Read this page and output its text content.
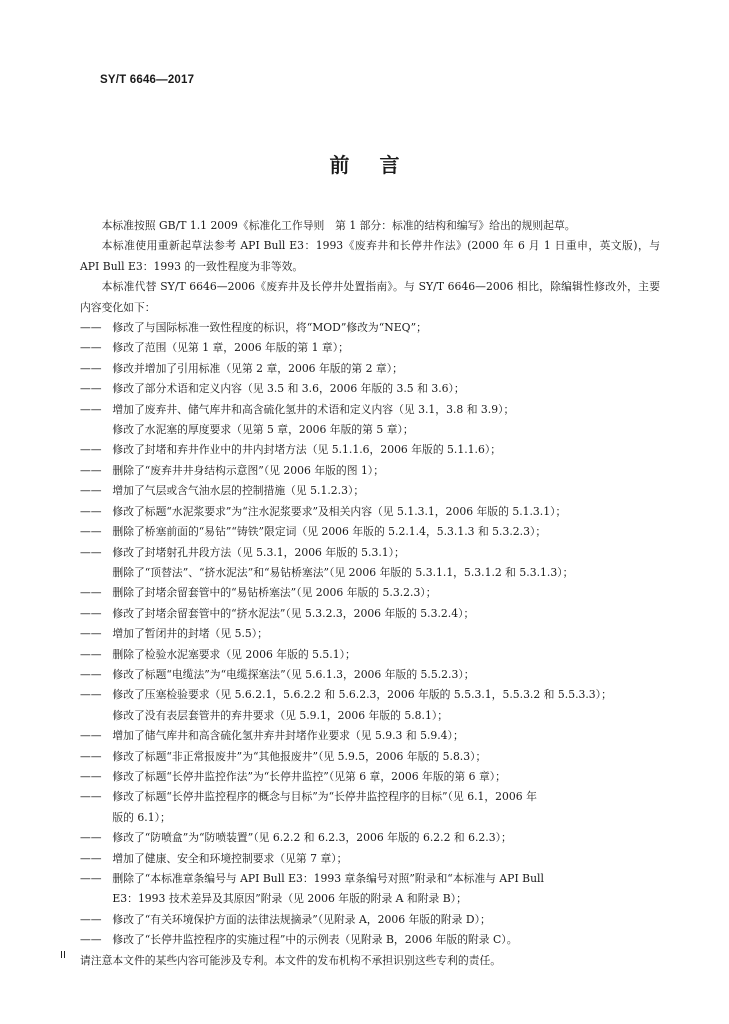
SY/T 6646—2017
前言
本标准按照 GB/T 1.1 2009《标准化工作导则　第 1 部分：标准的结构和编写》给出的规则起草。
本标准使用重新起草法参考 API Bull E3：1993《废弃井和长停井作法》(2000 年 6 月 1 日重申，英文版)，与 API Bull E3：1993 的一致性程度为非等效。
本标准代替 SY/T 6646—2006《废弃井及长停井处置指南》。与 SY/T 6646—2006 相比，除编辑性修改外，主要内容变化如下：
—— 修改了与国际标准一致性程度的标识，将“MOD”修改为“NEQ”；
—— 修改了范围（见第 1 章，2006 年版的第 1 章）；
—— 修改并增加了引用标准（见第 2 章，2006 年版的第 2 章）；
—— 修改了部分术语和定义内容（见 3.5 和 3.6，2006 年版的 3.5 和 3.6）；
—— 增加了废弃井、储气库井和高含硫化氢井的术语和定义内容（见 3.1，3.8 和 3.9）；
修改了水泥塞的厚度要求（见第 5 章，2006 年版的第 5 章）；
—— 修改了封堵和弃井作业中的井内封堵方法（见 5.1.1.6，2006 年版的 5.1.1.6）；
—— 删除了“废弃井井身结构示意图”（见 2006 年版的图 1）；
—— 增加了气层或含气油水层的控制措施（见 5.1.2.3）；
—— 修改了标题“水泥浆要求”为“注水泥浆要求”及相关内容（见 5.1.3.1，2006 年版的 5.1.3.1）；
—— 删除了桥塞前面的“易钻”“铸铁”限定词（见 2006 年版的 5.2.1.4，5.3.1.3 和 5.3.2.3）；
—— 修改了封堵射孔井段方法（见 5.3.1，2006 年版的 5.3.1）；
删除了“顶替法”、“挤水泥法”和“易钻桥塞法”（见 2006 年版的 5.3.1.1，5.3.1.2 和 5.3.1.3）；
—— 删除了封堵余留套管中的“易钻桥塞法”（见 2006 年版的 5.3.2.3）；
—— 修改了封堵余留套管中的“挤水泥法”（见 5.3.2.3，2006 年版的 5.3.2.4）；
—— 增加了暂闭井的封堵（见 5.5）；
—— 删除了检验水泥塞要求（见 2006 年版的 5.5.1）；
—— 修改了标题“电缆法”为“电缆探塞法”（见 5.6.1.3，2006 年版的 5.5.2.3）；
—— 修改了压塞检验要求（见 5.6.2.1，5.6.2.2 和 5.6.2.3，2006 年版的 5.5.3.1，5.5.3.2 和 5.5.3.3）；
修改了没有表层套管井的弃井要求（见 5.9.1，2006 年版的 5.8.1）；
—— 增加了储气库井和高含硫化氢井弃井封堵作业要求（见 5.9.3 和 5.9.4）；
—— 修改了标题“非正常报废井”为“其他报废井”（见 5.9.5，2006 年版的 5.8.3）；
—— 修改了标题“长停井监控作法”为“长停井监控”（见第 6 章，2006 年版的第 6 章）；
—— 修改了标题“长停井监控程序的概念与目标”为“长停井监控程序的目标”（见 6.1，2006 年
版的 6.1）；
—— 修改了“防喷盒”为“防喷装置”（见 6.2.2 和 6.2.3，2006 年版的 6.2.2 和 6.2.3）；
—— 增加了健康、安全和环境控制要求（见第 7 章）；
—— 删除了“本标准章条编号与 API Bull E3：1993 章条编号对照”附录和“本标准与 API Bull
E3：1993 技术差异及其原因”附录（见 2006 年版的附录 A 和附录 B）；
—— 修改了“有关环境保护方面的法律法规摘录”（见附录 A，2006 年版的附录 D）；
—— 修改了“长停井监控程序的实施过程”中的示例表（见附录 B，2006 年版的附录 C）。
请注意本文件的某些内容可能涉及专利。本文件的发布机构不承担识别这些专利的责任。
II
